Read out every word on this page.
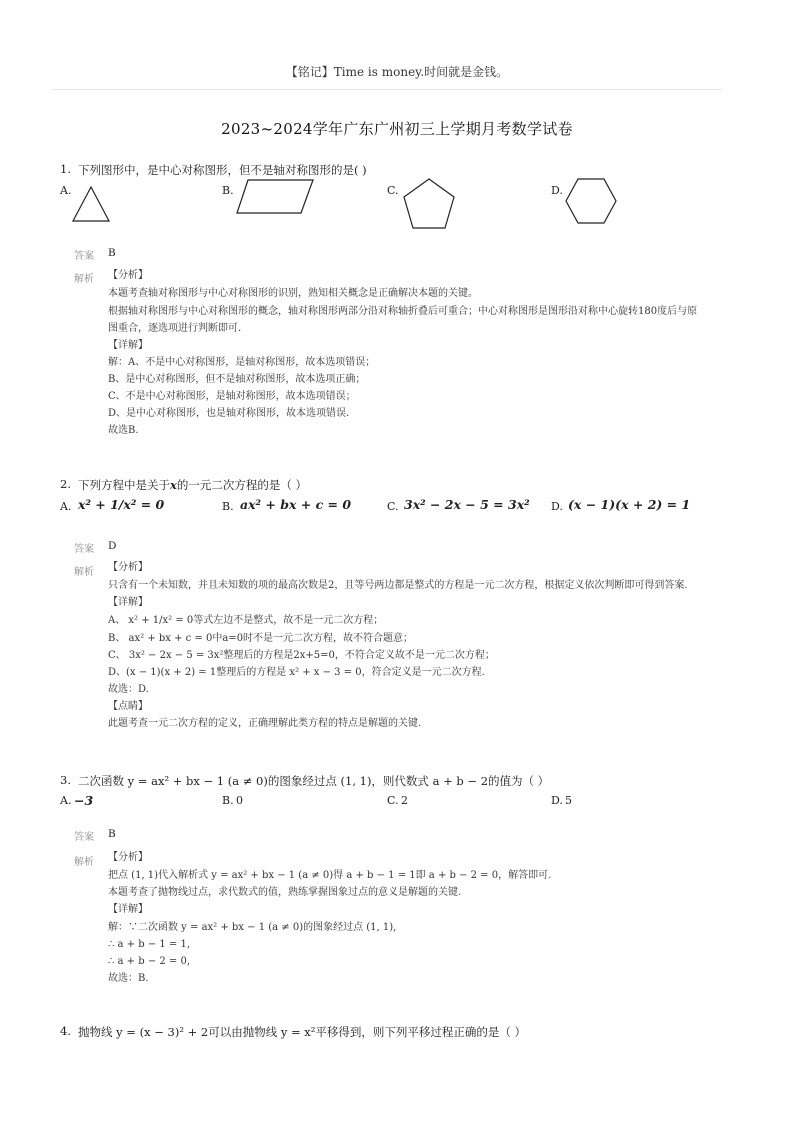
【铭记】Time is money.时间就是金钱。
2023~2024学年广东广州初三上学期月考数学试卷
1. 下列图形中，是中心对称图形，但不是轴对称图形的是( )
A.	B.	C.	D.
答案 B
解析 【分析】
本题考查轴对称图形与中心对称图形的识别，熟知相关概念是正确解决本题的关键。
根据轴对称图形与中心对称图形的概念，轴对称图形两部分沿对称轴折叠后可重合；中心对称图形是图形沿对称中心旋转180度后与原
图重合，逐选项进行判断即可.
【详解】
解：A、不是中心对称图形，是轴对称图形，故本选项错误；
B、是中心对称图形，但不是轴对称图形，故本选项正确；
C、不是中心对称图形，是轴对称图形，故本选项错误；
D、是中心对称图形，也是轴对称图形，故本选项错误.
故选B.
2. 下列方程中是关于x的一元二次方程的是（ ）
A. x² + 1/x² = 0	B. ax² + bx + c = 0	C. 3x² − 2x − 5 = 3x² D. (x − 1)(x + 2) = 1
答案 D
解析 【分析】
只含有一个未知数，并且未知数的项的最高次数是2，且等号两边都是整式的方程是一元二次方程，根据定义依次判断即可得到答案.
【详解】
A、 x² + 1/x² = 0等式左边不是整式，故不是一元二次方程；
B、 ax² + bx + c = 0中a=0时不是一元二次方程，故不符合题意；
C、 3x² − 2x − 5 = 3x²整理后的方程是2x+5=0，不符合定义故不是一元二次方程；
D、(x − 1)(x + 2) = 1整理后的方程是 x² + x − 3 = 0，符合定义是一元二次方程.
故选：D.
【点睛】
此题考查一元二次方程的定义，正确理解此类方程的特点是解题的关键.
3. 二次函数 y = ax² + bx − 1 (a ≠ 0)的图象经过点 (1, 1)，则代数式 a + b − 2的值为（ ）
A. −3	B. 0	C. 2	D. 5
答案 B
解析 【分析】
把点 (1, 1)代入解析式 y = ax² + bx − 1 (a ≠ 0)得 a + b − 1 = 1即 a + b − 2 = 0，解答即可.
本题考查了抛物线过点，求代数式的值，熟练掌握图象过点的意义是解题的关键.
【详解】
解：∵二次函数 y = ax² + bx − 1 (a ≠ 0)的图象经过点 (1, 1),
∴ a + b − 1 = 1,
∴ a + b − 2 = 0,
故选：B.
4. 抛物线 y = (x − 3)² + 2可以由抛物线 y = x²平移得到，则下列平移过程正确的是（ ）
